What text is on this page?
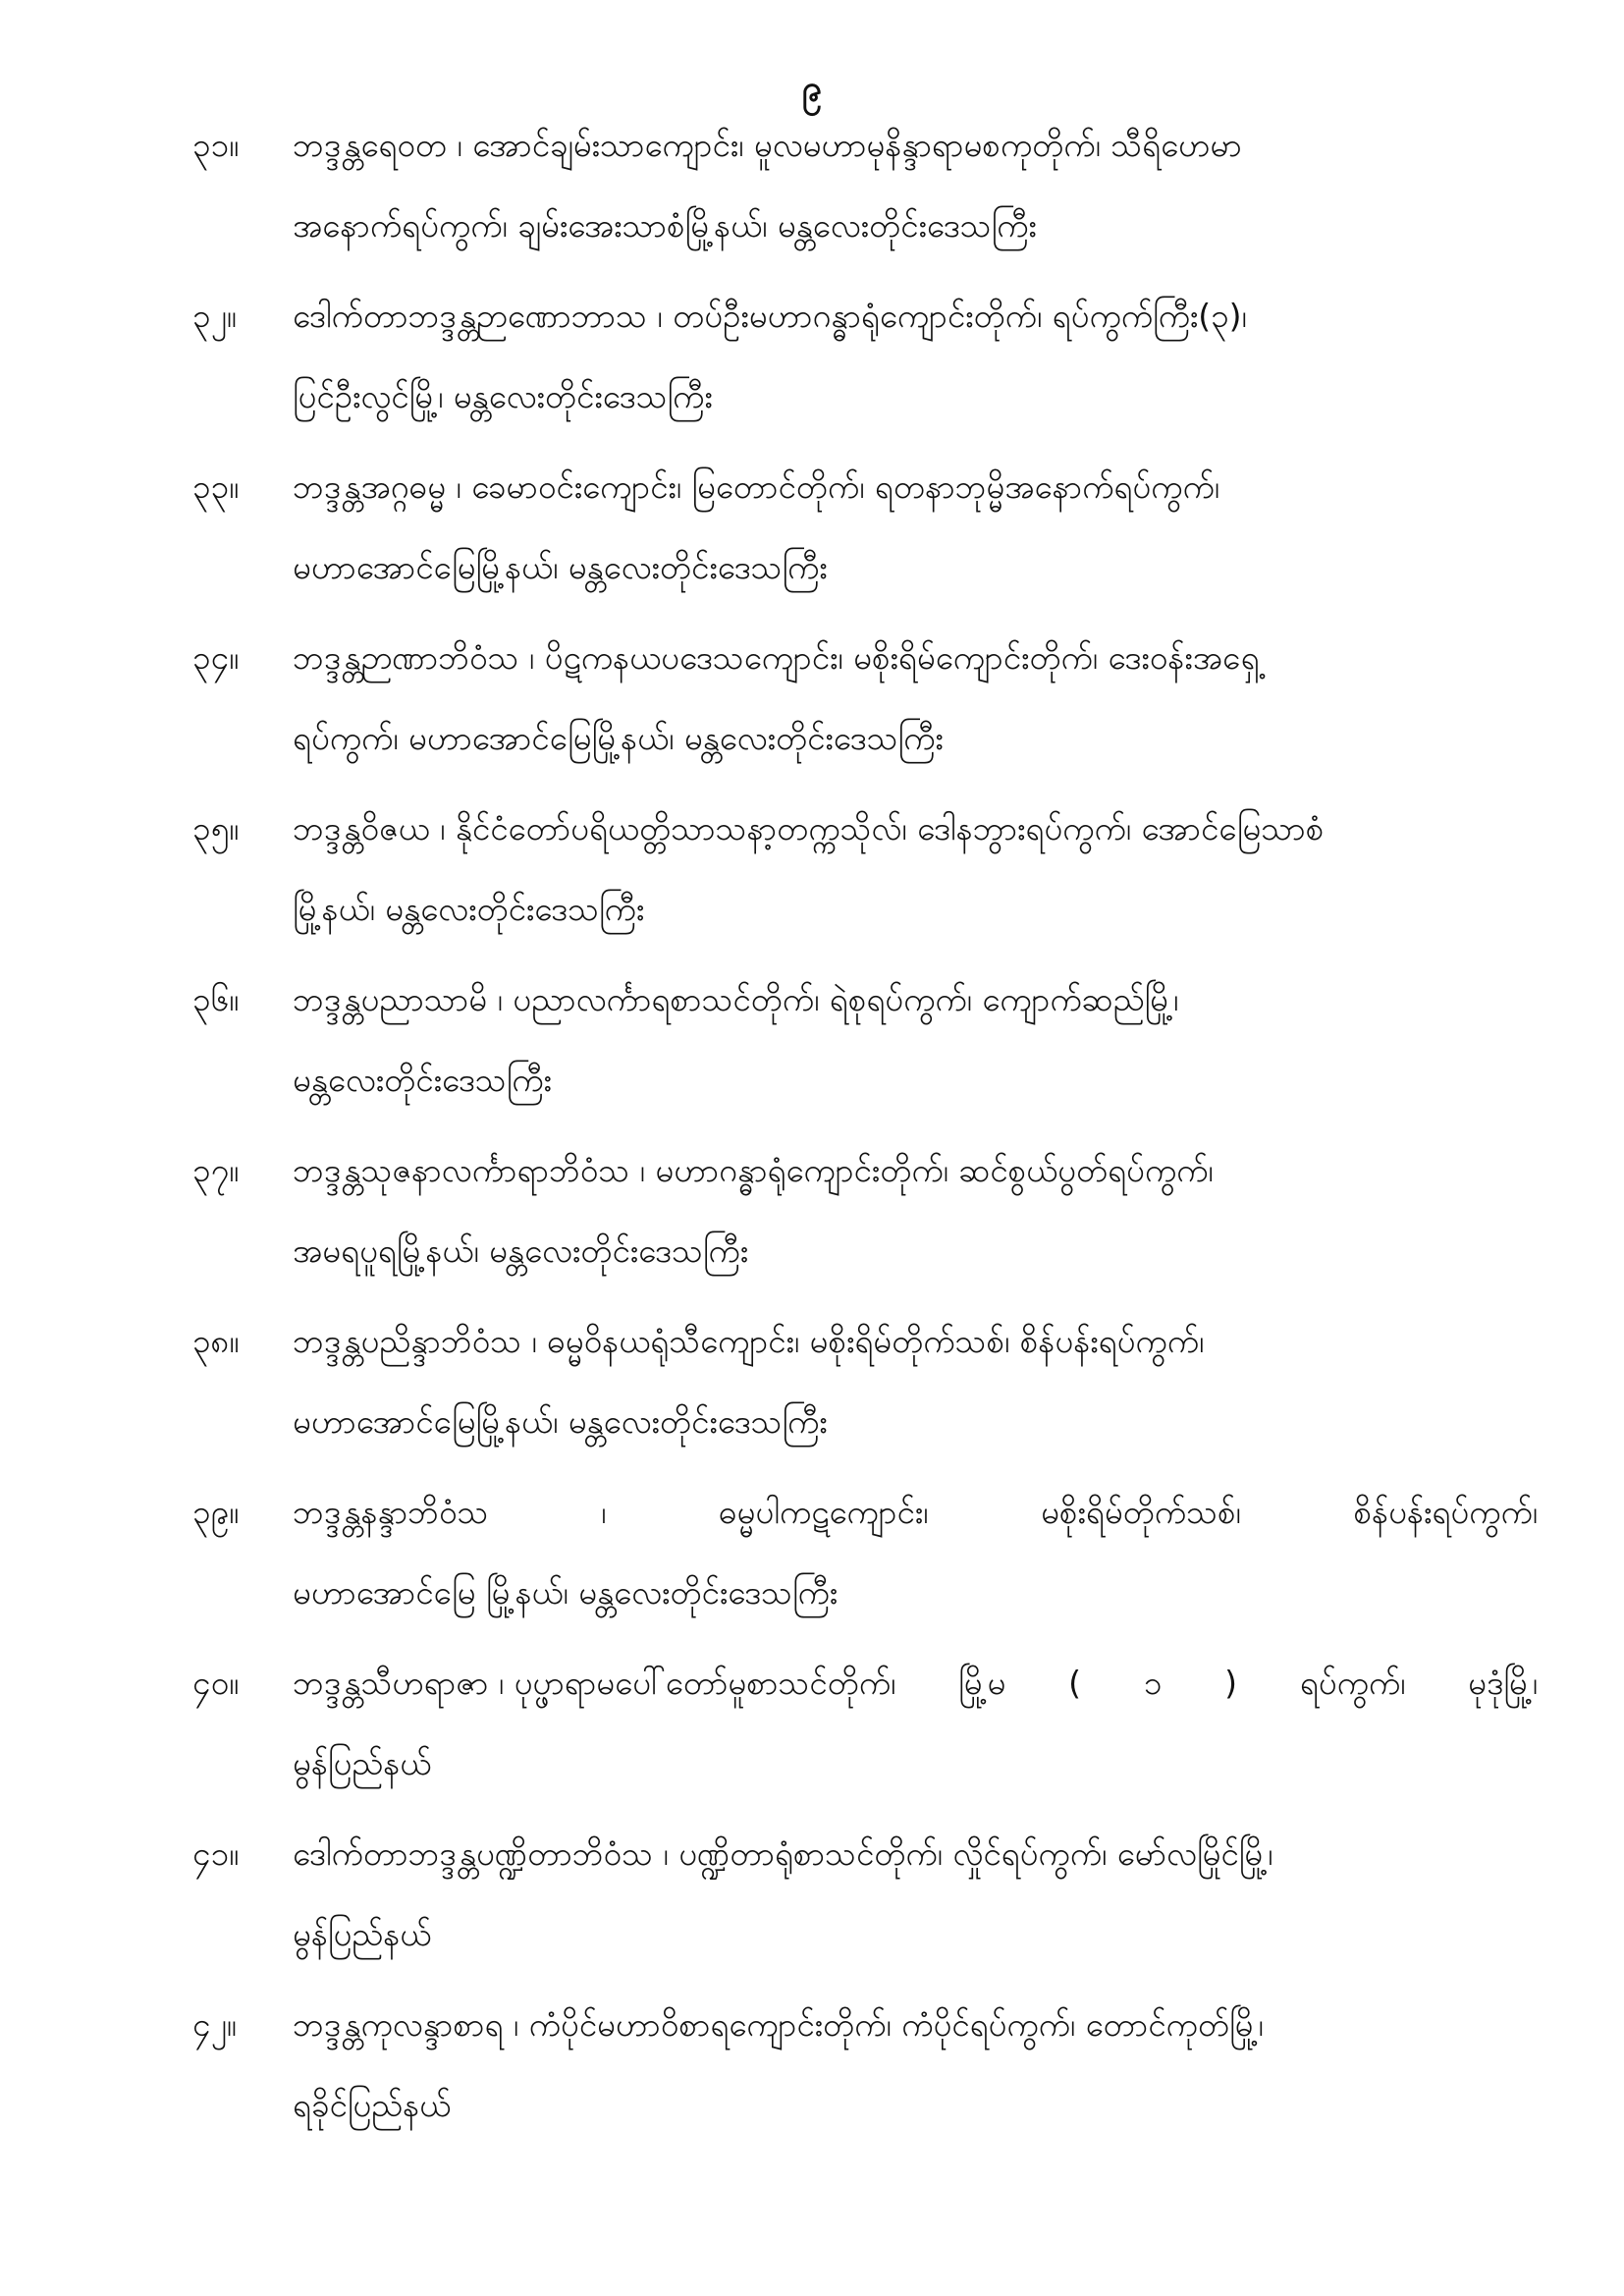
၉
၃၁။	ဘဒ္ဒန္တရေဝတ ၊ အောင်ချမ်းသာကျောင်း၊ မူလမဟာမုနိန္ဒာရာမစကုတိုက်၊ သီရိဟေမာ
အနောက်ရပ်ကွက်၊ ချမ်းအေးသာစံမြို့နယ်၊ မန္တလေးတိုင်းဒေသကြီး
၃၂။	ဒေါက်တာဘဒ္ဒန္တဉာဏောဘာသ ၊ တပ်ဦးမဟာဂန္ဓာရုံကျောင်းတိုက်၊ ရပ်ကွက်ကြီး(၃)၊
ပြင်ဦးလွင်မြို့၊ မန္တလေးတိုင်းဒေသကြီး
၃၃။	ဘဒ္ဒန္တအဂ္ဂဓမ္မ ၊ ခေမာဝင်းကျောင်း၊ မြတောင်တိုက်၊ ရတနာဘုမ္မိအနောက်ရပ်ကွက်၊
မဟာအောင်မြေမြို့နယ်၊ မန္တလေးတိုင်းဒေသကြီး
၃၄။	ဘဒ္ဒန္တဉာဏာဘိဝံသ ၊ ပိဋကနယပဒေသကျောင်း၊ မစိုးရိမ်ကျောင်းတိုက်၊ ဒေးဝန်းအရှေ့
ရပ်ကွက်၊ မဟာအောင်မြေမြို့နယ်၊ မန္တလေးတိုင်းဒေသကြီး
၃၅။	ဘဒ္ဒန္တဝိဇယ ၊ နိုင်ငံတော်ပရိယတ္တိသာသနာ့တက္ကသိုလ်၊ ဒေါနဘွားရပ်ကွက်၊ အောင်မြေသာစံ
မြို့နယ်၊ မန္တလေးတိုင်းဒေသကြီး
၃၆။	ဘဒ္ဒန္တပညာသာမိ ၊ ပညာလင်္ကာရစာသင်တိုက်၊ ရဲစုရပ်ကွက်၊ ကျောက်ဆည်မြို့၊
မန္တလေးတိုင်းဒေသကြီး
၃၇။	ဘဒ္ဒန္တသုဇနာလင်္ကာရာဘိဝံသ ၊ မဟာဂန္ဓာရုံကျောင်းတိုက်၊ ဆင်စွယ်ပွတ်ရပ်ကွက်၊
အမရပူရမြို့နယ်၊ မန္တလေးတိုင်းဒေသကြီး
၃၈။	ဘဒ္ဒန္တပညိန္ဒာဘိဝံသ ၊ ဓမ္မဝိနယရုံသီကျောင်း၊ မစိုးရိမ်တိုက်သစ်၊ စိန်ပန်းရပ်ကွက်၊
မဟာအောင်မြေမြို့နယ်၊ မန္တလေးတိုင်းဒေသကြီး
၃၉။	ဘဒ္ဒန္တနန္ဒာဘိဝံသ	၊	ဓမ္မပါကဋကျောင်း၊	မစိုးရိမ်တိုက်သစ်၊	စိန်ပန်းရပ်ကွက်၊
မဟာအောင်မြေ မြို့နယ်၊ မန္တလေးတိုင်းဒေသကြီး
၄၀။	ဘဒ္ဒန္တသီဟရာဇာ ၊ ပုပ္ဖာရာမပေါ်တော်မူစာသင်တိုက်၊ မြို့မ ( ၁ ) ရပ်ကွက်၊ မုဒုံမြို့၊
မွန်ပြည်နယ်
၄၁။	ဒေါက်တာဘဒ္ဒန္တပဏ္ဍိတာဘိဝံသ ၊ ပဏ္ဍိတာရုံစာသင်တိုက်၊ လှိုင်ရပ်ကွက်၊ မော်လမြိုင်မြို့၊
မွန်ပြည်နယ်
၄၂။	ဘဒ္ဒန္တကုလန္ဒာစာရ ၊ ကံပိုင်မဟာဝိစာရကျောင်းတိုက်၊ ကံပိုင်ရပ်ကွက်၊ တောင်ကုတ်မြို့၊
ရခိုင်ပြည်နယ်
